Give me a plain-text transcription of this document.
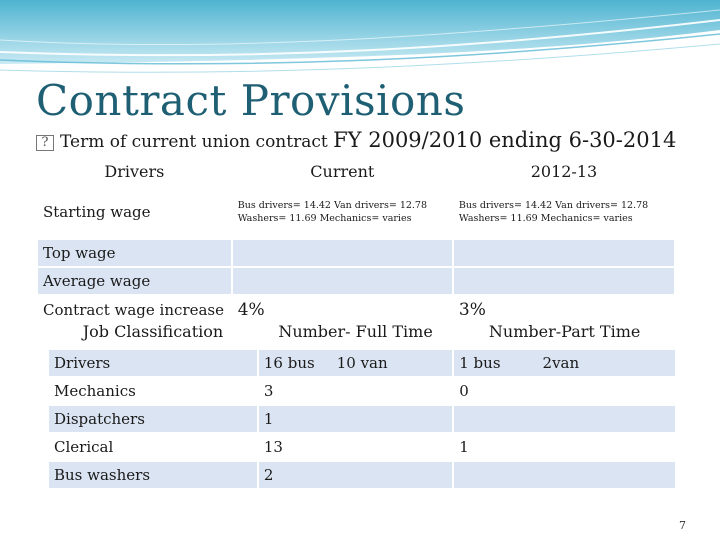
Contract Provisions
? Term of current union contract FY 2009/2010 ending 6-30-2014
Drivers	Current	2012-13
Starting wage	Bus drivers= 14.42 Van drivers= 12.78 Washers= 11.69 Mechanics= varies	Bus drivers= 14.42 Van drivers= 12.78 Washers= 11.69 Mechanics= varies
Top wage		
Average wage		
Contract wage increase	4%	3%
Job Classification	Number- Full Time	Number-Part Time
Drivers	16 bus 10 van	1 bus 2van
Mechanics	3	0
Dispatchers	1	
Clerical	13	1
Bus washers	2	

7
